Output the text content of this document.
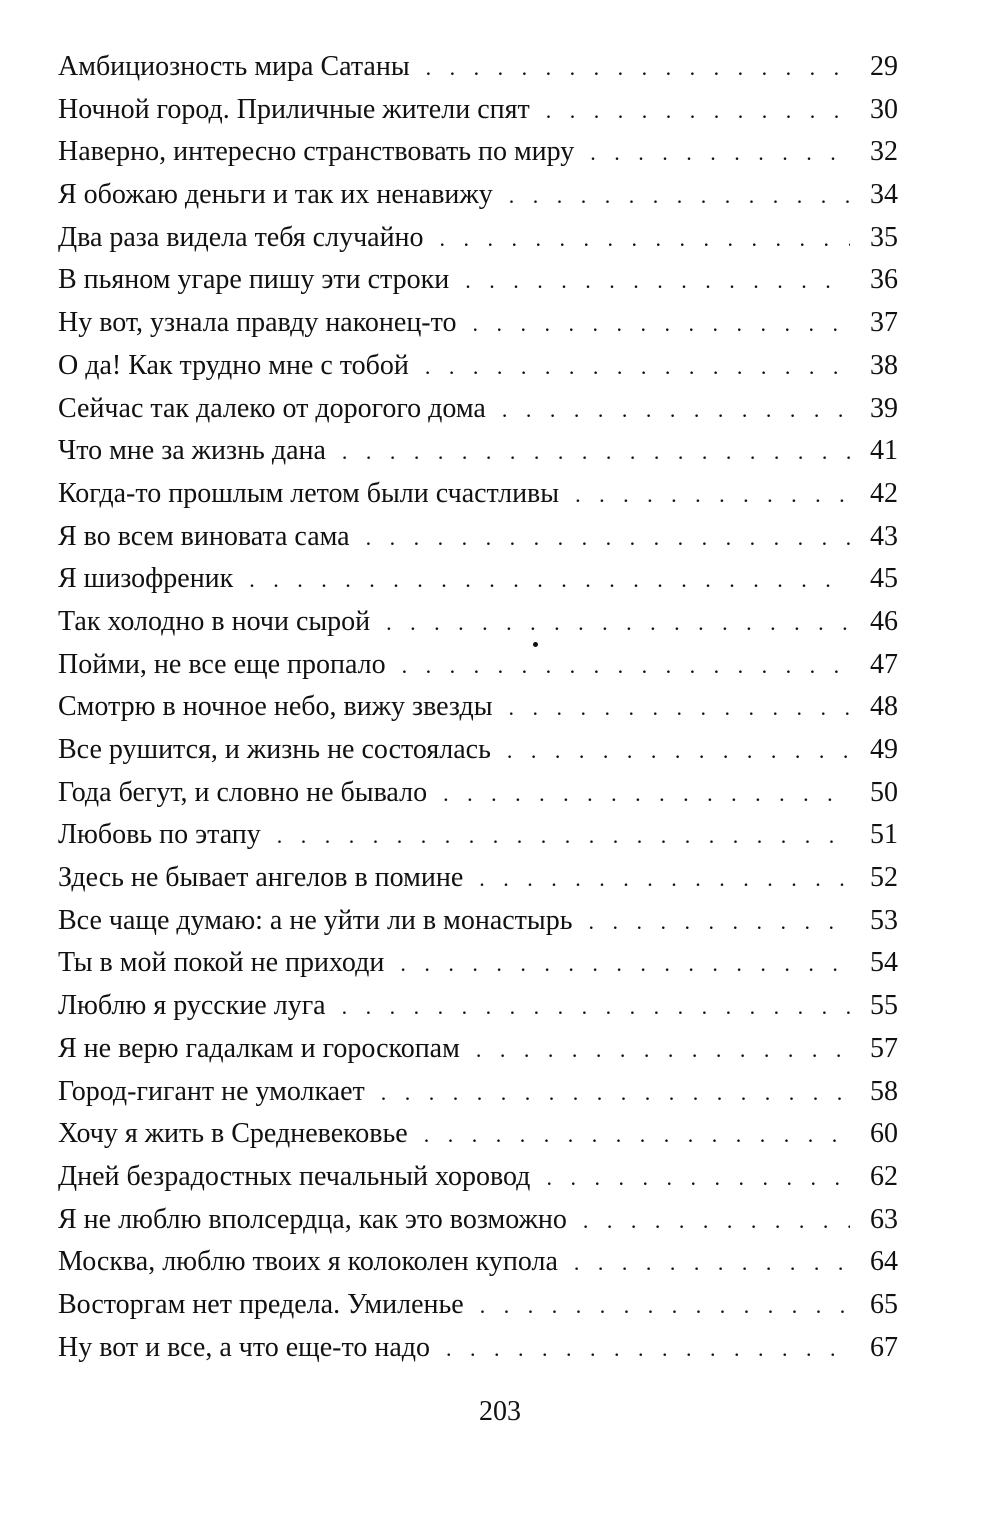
Амбициозность мира Сатаны . . .	29
Ночной город. Приличные жители спят . . .	30
Наверно, интересно странствовать по миру . . .	32
Я обожаю деньги и так их ненавижу . . .	34
Два раза видела тебя случайно . . .	35
В пьяном угаре пишу эти строки . . .	36
Ну вот, узнала правду наконец-то . . .	37
О да! Как трудно мне с тобой . . .	38
Сейчас так далеко от дорогого дома . . .	39
Что мне за жизнь дана . . .	41
Когда-то прошлым летом были счастливы . . .	42
Я во всем виновата сама . . .	43
Я шизофреник . . .	45
Так холодно в ночи сырой . . .	46
Пойми, не все еще пропало . . .	47
Смотрю в ночное небо, вижу звезды . . .	48
Все рушится, и жизнь не состоялась . . .	49
Года бегут, и словно не бывало . . .	50
Любовь по этапу . . .	51
Здесь не бывает ангелов в помине . . .	52
Все чаще думаю: а не уйти ли в монастырь . . .	53
Ты в мой покой не приходи . . .	54
Люблю я русские луга . . .	55
Я не верю гадалкам и гороскопам . . .	57
Город-гигант не умолкает . . .	58
Хочу я жить в Средневековье . . .	60
Дней безрадостных печальный хоровод . . .	62
Я не люблю вполсердца, как это возможно . . .	63
Москва, люблю твоих я колоколен купола . . .	64
Восторгам нет предела. Умиленье . . .	65
Ну вот и все, а что еще-то надо . . .	67
203
